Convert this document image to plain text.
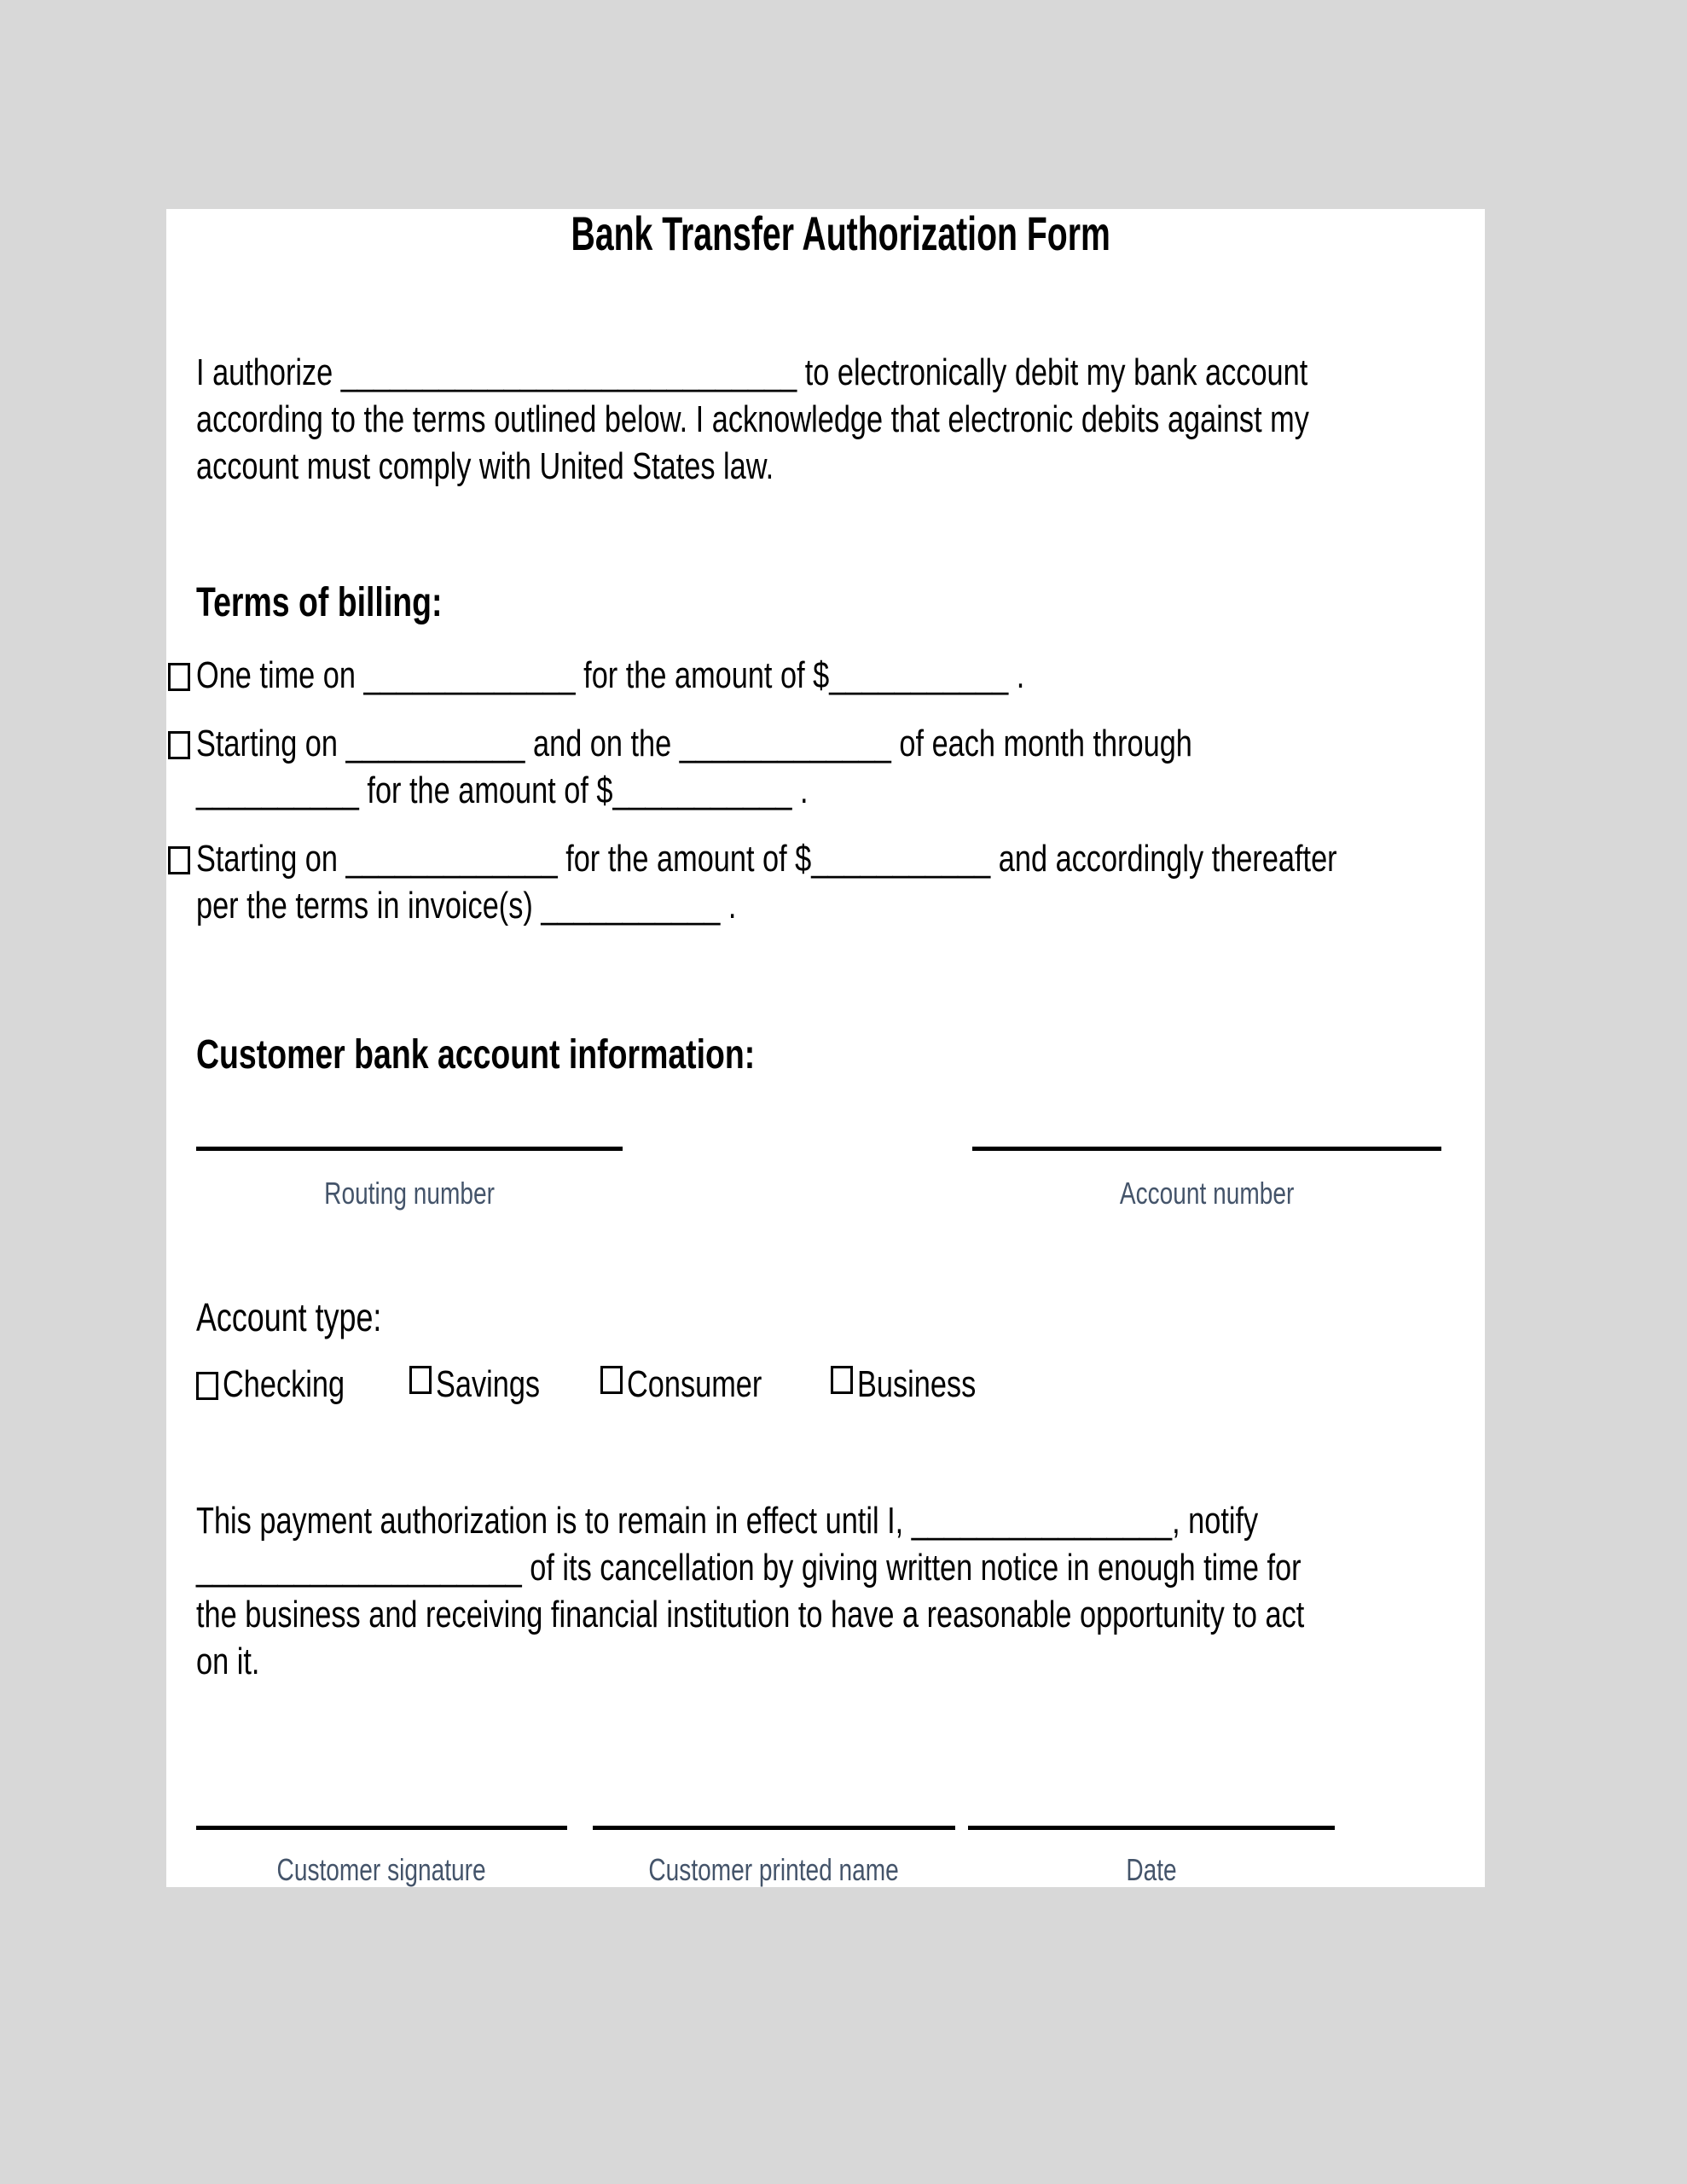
Bank Transfer Authorization Form
I authorize ____________________________ to electronically debit my bank account
according to the terms outlined below. I acknowledge that electronic debits against my
account must comply with United States law.
Terms of billing:
One time on _____________ for the amount of $___________ .
Starting on ___________ and on the _____________ of each month through
__________ for the amount of $___________ .
Starting on _____________ for the amount of $___________ and accordingly thereafter
per the terms in invoice(s) ___________ .
Customer bank account information:
Routing number	Account number
Account type:
Checking Savings Consumer	Business
This payment authorization is to remain in effect until I, ________________, notify
____________________ of its cancellation by giving written notice in enough time for
the business and receiving financial institution to have a reasonable opportunity to act
on it.
Customer signature	Customer printed name	Date
